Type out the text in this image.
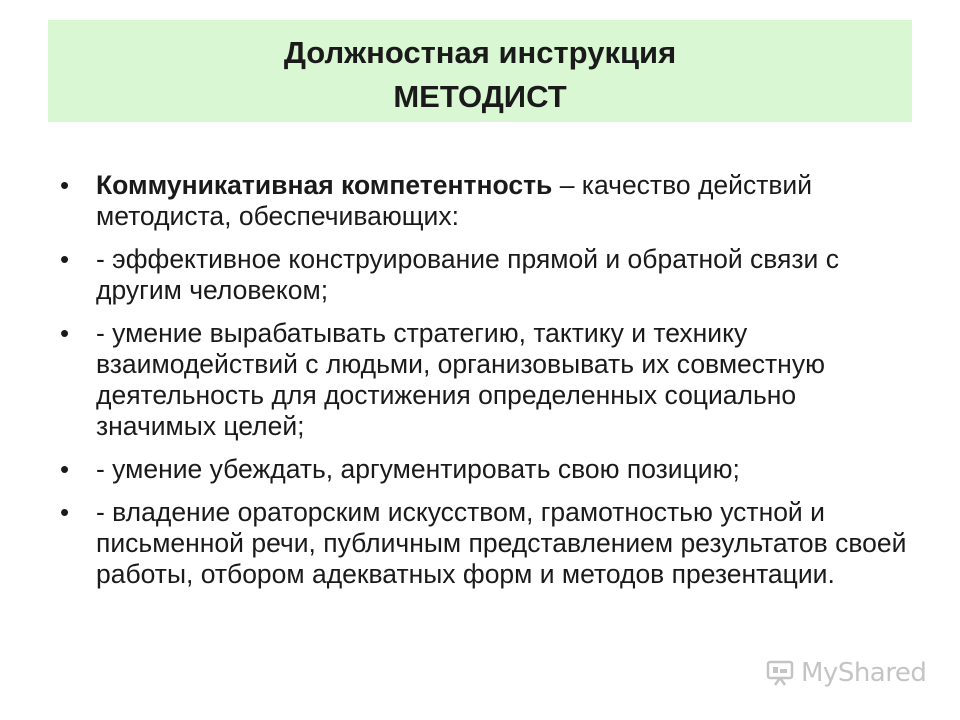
Должностная инструкция
МЕТОДИСТ
•	Коммуникативная компетентность – качество действий методиста, обеспечивающих:
•	- эффективное конструирование прямой и обратной связи с другим человеком;
•	- умение вырабатывать стратегию, тактику и технику взаимодействий с людьми, организовывать их совместную деятельность для достижения определенных социально значимых целей;
•	- умение убеждать, аргументировать свою позицию;
•	- владение ораторским искусством, грамотностью устной и письменной речи, публичным представлением результатов своей работы, отбором адекватных форм и методов презентации.
MyShared
